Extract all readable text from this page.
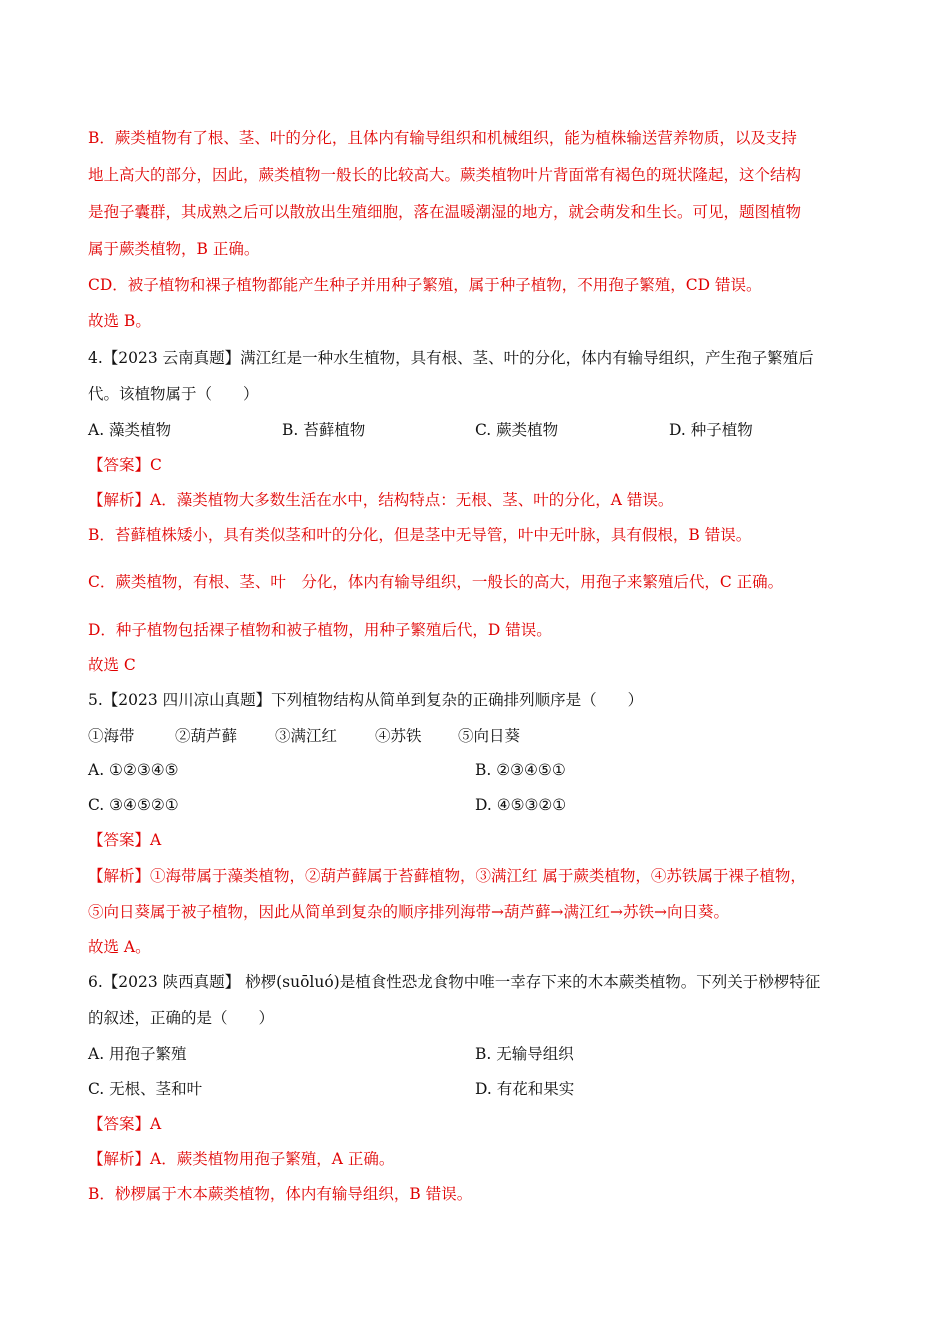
B．蕨类植物有了根、茎、叶的分化，且体内有输导组织和机械组织，能为植株输送营养物质，以及支持
地上高大的部分，因此，蕨类植物一般长的比较高大。蕨类植物叶片背面常有褐色的斑状隆起，这个结构
是孢子囊群，其成熟之后可以散放出生殖细胞，落在温暖潮湿的地方，就会萌发和生长。可见，题图植物
属于蕨类植物，B 正确。
CD．被子植物和裸子植物都能产生种子并用种子繁殖，属于种子植物，不用孢子繁殖，CD 错误。
故选 B。
4.【2023 云南真题】满江红是一种水生植物，具有根、茎、叶的分化，体内有输导组织，产生孢子繁殖后
代。该植物属于（　　）
A. 藻类植物	B. 苔藓植物	C. 蕨类植物	D. 种子植物
【答案】C
【解析】A．藻类植物大多数生活在水中，结构特点：无根、茎、叶的分化，A 错误。
B．苔藓植株矮小，具有类似茎和叶的分化，但是茎中无导管，叶中无叶脉，具有假根，B 错误。
C．蕨类植物，有根、茎、叶　分化，体内有输导组织，一般长的高大，用孢子来繁殖后代，C 正确。
D．种子植物包括裸子植物和被子植物，用种子繁殖后代，D 错误。
故选 C
5.【2023 四川凉山真题】下列植物结构从简单到复杂的正确排列顺序是（　　）
①海带	②葫芦藓 ③满江红 ④苏铁 ⑤向日葵
A. ①②③④⑤	B. ②③④⑤①
C. ③④⑤②①	D. ④⑤③②①
【答案】A
【解析】①海带属于藻类植物，②葫芦藓属于苔藓植物，③满江红 属于蕨类植物，④苏铁属于裸子植物，
⑤向日葵属于被子植物，因此从简单到复杂的顺序排列海带→葫芦藓→满江红→苏铁→向日葵。
故选 A。
6.【2023 陕西真题】 桫椤(suōluó)是植食性恐龙食物中唯一幸存下来的木本蕨类植物。下列关于桫椤特征
的叙述，正确的是（　　）
A. 用孢子繁殖	B. 无输导组织
C. 无根、茎和叶	D. 有花和果实
【答案】A
【解析】A．蕨类植物用孢子繁殖，A 正确。
B．桫椤属于木本蕨类植物，体内有输导组织，B 错误。
